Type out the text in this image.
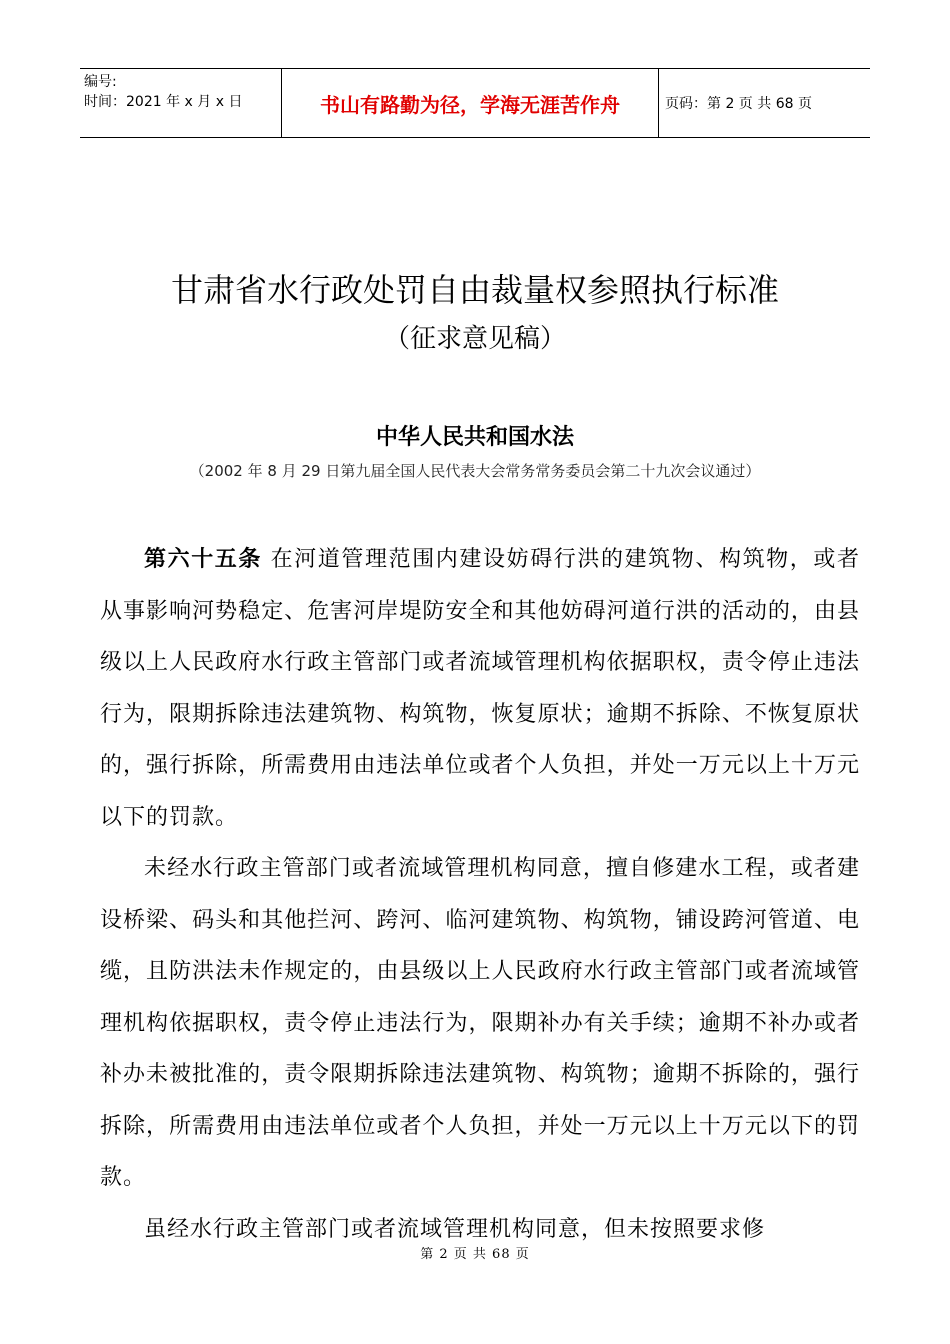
编号:
时间：2021 年 x 月 x 日	书山有路勤为径，学海无涯苦作舟	页码：第 2 页 共 68 页
甘肃省水行政处罚自由裁量权参照执行标准
（征求意见稿）
中华人民共和国水法
（2002 年 8 月 29 日第九届全国人民代表大会常务常务委员会第二十九次会议通过）

第六十五条 在河道管理范围内建设妨碍行洪的建筑物、构筑物，或者从事影响河势稳定、危害河岸堤防安全和其他妨碍河道行洪的活动的，由县级以上人民政府水行政主管部门或者流域管理机构依据职权，责令停止违法行为，限期拆除违法建筑物、构筑物，恢复原状；逾期不拆除、不恢复原状的，强行拆除，所需费用由违法单位或者个人负担，并处一万元以上十万元以下的罚款。

未经水行政主管部门或者流域管理机构同意，擅自修建水工程，或者建设桥梁、码头和其他拦河、跨河、临河建筑物、构筑物，铺设跨河管道、电缆，且防洪法未作规定的，由县级以上人民政府水行政主管部门或者流域管理机构依据职权，责令停止违法行为，限期补办有关手续；逾期不补办或者补办未被批准的，责令限期拆除违法建筑物、构筑物；逾期不拆除的，强行拆除，所需费用由违法单位或者个人负担，并处一万元以上十万元以下的罚款。

虽经水行政主管部门或者流域管理机构同意，但未按照要求修

第 2 页 共 68 页
